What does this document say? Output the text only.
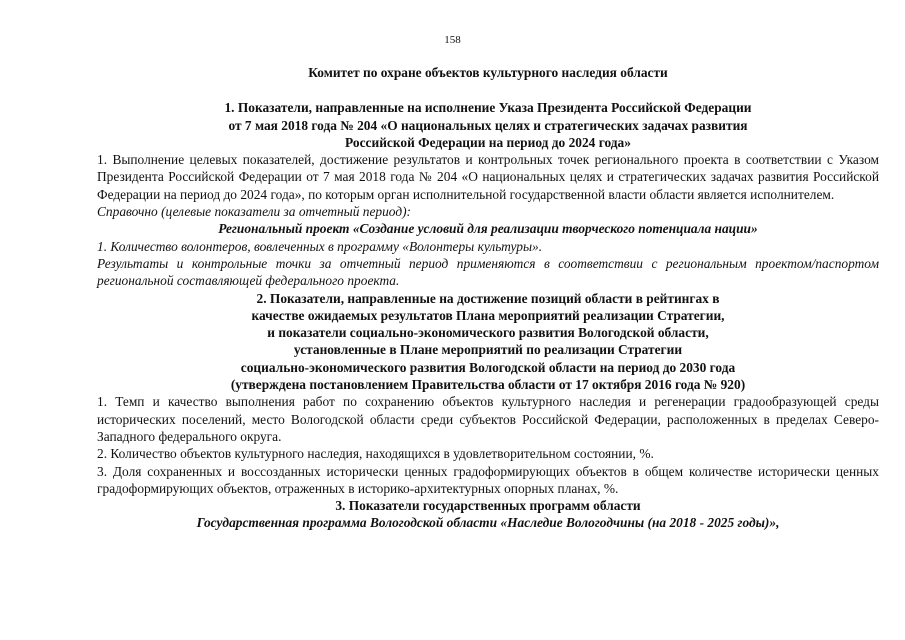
158
Комитет по охране объектов культурного наследия области
1. Показатели, направленные на исполнение Указа Президента Российской Федерации
от 7 мая 2018 года № 204 «О национальных целях и стратегических задачах развития
Российской Федерации на период до 2024 года»

1. Выполнение целевых показателей, достижение результатов и контрольных точек регионального проекта в соответствии с Указом Президента Российской Федерации от 7 мая 2018 года № 204 «О национальных целях и стратегических задачах развития Российской Федерации на период до 2024 года», по которым орган исполнительной государственной власти области является исполнителем.

Справочно (целевые показатели за отчетный период):

Региональный проект «Создание условий для реализации творческого потенциала нации»

1. Количество волонтеров, вовлеченных в программу «Волонтеры культуры».

Результаты и контрольные точки за отчетный период применяются в соответствии с региональным проектом/паспортом региональной составляющей федерального проекта.

2. Показатели, направленные на достижение позиций области в рейтингах в
качестве ожидаемых результатов Плана мероприятий реализации Стратегии,
и показатели социально-экономического развития Вологодской области,
установленные в Плане мероприятий по реализации Стратегии
социально-экономического развития Вологодской области на период до 2030 года
(утверждена постановлением Правительства области от 17 октября 2016 года № 920)

1. Темп и качество выполнения работ по сохранению объектов культурного наследия и регенерации градообразующей среды исторических поселений, место Вологодской области среди субъектов Российской Федерации, расположенных в пределах Северо-Западного федерального округа.

2. Количество объектов культурного наследия, находящихся в удовлетворительном состоянии, %.

3. Доля сохраненных и воссозданных исторически ценных градоформирующих объектов в общем количестве исторически ценных градоформирующих объектов, отраженных в историко-архитектурных опорных планах, %.

3. Показатели государственных программ области

Государственная программа Вологодской области «Наследие Вологодчины (на 2018 - 2025 годы)»,
